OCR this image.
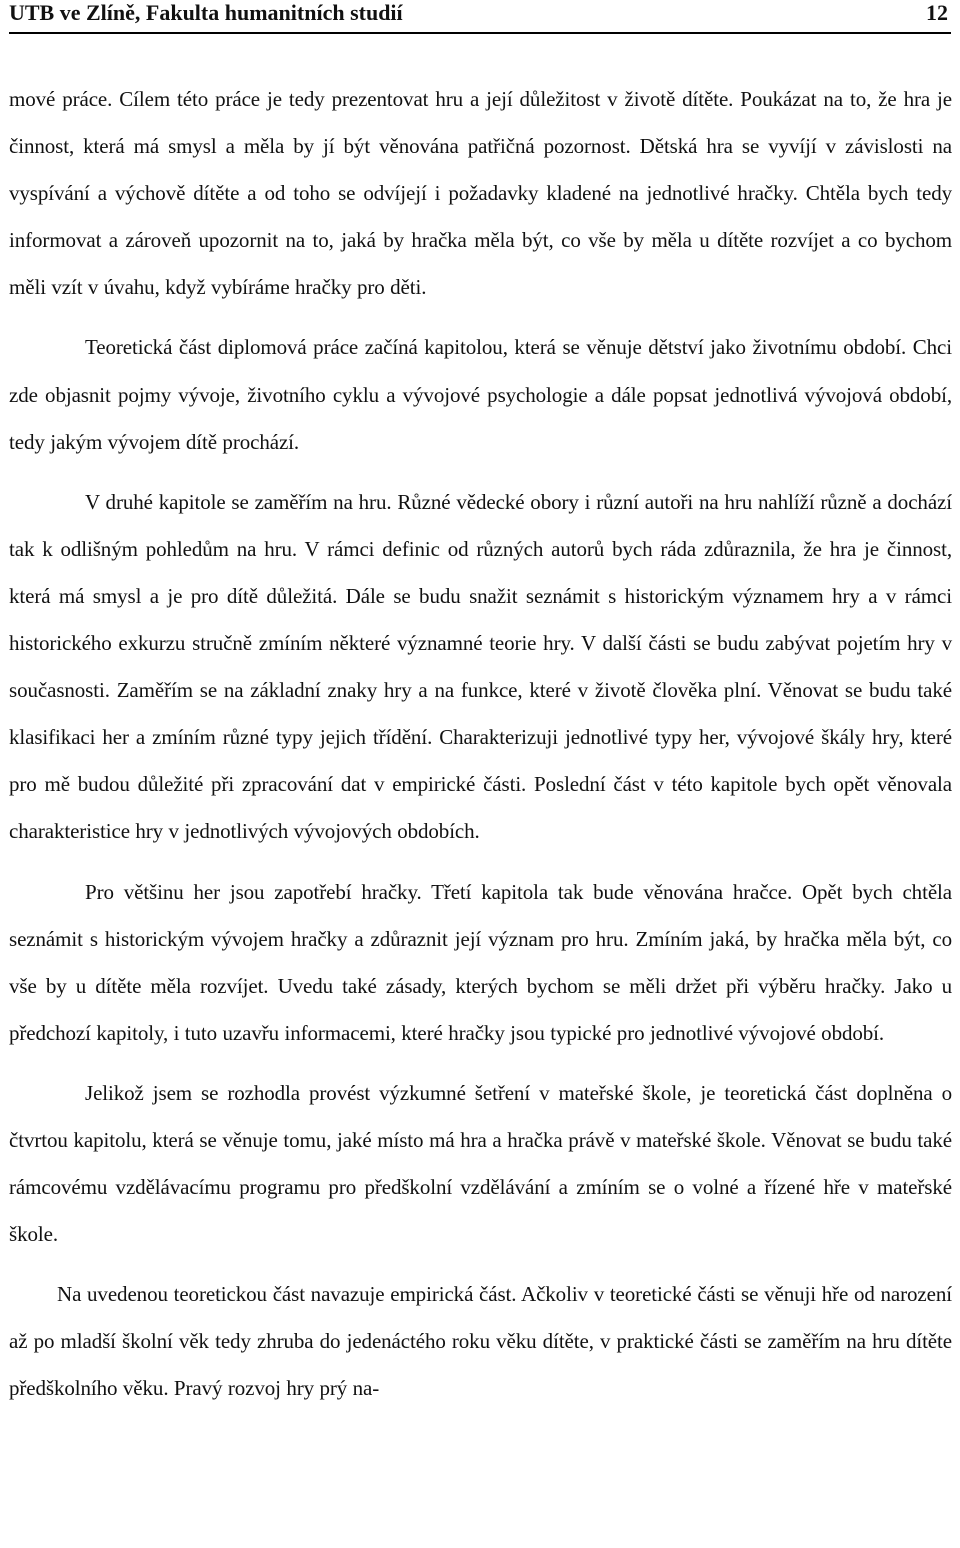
UTB ve Zlíně, Fakulta humanitních studií	12

mové práce. Cílem této práce je tedy prezentovat hru a její důležitost v životě dítěte. Poukázat na to, že hra je činnost, která má smysl a měla by jí být věnována patřičná pozornost. Dětská hra se vyvíjí v závislosti na vyspívání a výchově dítěte a od toho se odvíjejí i požadavky kladené na jednotlivé hračky. Chtěla bych tedy informovat a zároveň upozornit na to, jaká by hračka měla být, co vše by měla u dítěte rozvíjet a co bychom měli vzít v úvahu, když vybíráme hračky pro děti.

Teoretická část diplomová práce začíná kapitolou, která se věnuje dětství jako životnímu období. Chci zde objasnit pojmy vývoje, životního cyklu a vývojové psychologie a dále popsat jednotlivá vývojová období, tedy jakým vývojem dítě prochází.

V druhé kapitole se zaměřím na hru. Různé vědecké obory i různí autoři na hru nahlíží různě a dochází tak k odlišným pohledům na hru. V rámci definic od různých autorů bych ráda zdůraznila, že hra je činnost, která má smysl a je pro dítě důležitá. Dále se budu snažit seznámit s historickým významem hry a v rámci historického exkurzu stručně zmíním některé významné teorie hry. V další části se budu zabývat pojetím hry v současnosti. Zaměřím se na základní znaky hry a na funkce, které v životě člověka plní. Věnovat se budu také klasifikaci her a zmíním různé typy jejich třídění. Charakterizuji jednotlivé typy her, vývojové škály hry, které pro mě budou důležité při zpracování dat v empirické části. Poslední část v této kapitole bych opět věnovala charakteristice hry v jednotlivých vývojových obdobích.

Pro většinu her jsou zapotřebí hračky. Třetí kapitola tak bude věnována hračce. Opět bych chtěla seznámit s historickým vývojem hračky a zdůraznit její význam pro hru. Zmíním jaká, by hračka měla být, co vše by u dítěte měla rozvíjet. Uvedu také zásady, kterých bychom se měli držet při výběru hračky. Jako u předchozí kapitoly, i tuto uzavřu informacemi, které hračky jsou typické pro jednotlivé vývojové období.

Jelikož jsem se rozhodla provést výzkumné šetření v mateřské škole, je teoretická část doplněna o čtvrtou kapitolu, která se věnuje tomu, jaké místo má hra a hračka právě v mateřské škole. Věnovat se budu také rámcovému vzdělávacímu programu pro předškolní vzdělávání a zmíním se o volné a řízené hře v mateřské škole.

Na uvedenou teoretickou část navazuje empirická část. Ačkoliv v teoretické části se věnuji hře od narození až po mladší školní věk tedy zhruba do jedenáctého roku věku dítěte, v praktické části se zaměřím na hru dítěte předškolního věku. Pravý rozvoj hry prý na-
